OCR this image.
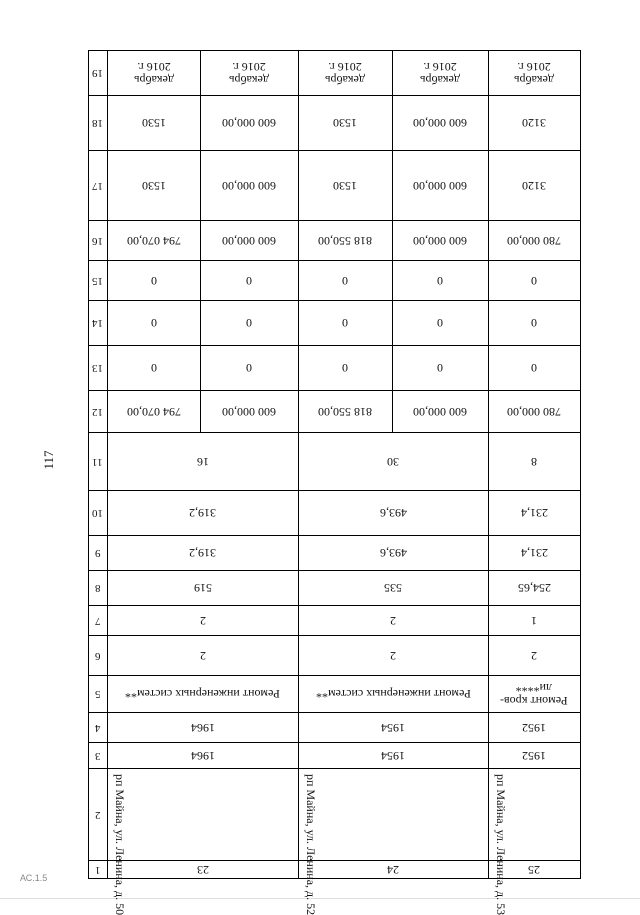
117
АС.1.5
1
2
3
4
5
6
7
8
9
10
11
12
13
14
15
16
17
18
19
23
рп Майна, ул. Ленина, д. 50
1964
1964
Ремонт инженерных систем**
2
2
519
319,2
319,2
16
794 070,00
0
0
0
794 070,00
1530
1530
декабрь
2016 г.
600 000,00
0
0
0
600 000,00
600 000,00
600 000,00
декабрь
2016 г.
24
рп Майна, ул. Ленина, д. 52
1954
1954
Ремонт инженерных систем**
2
2
535
493,6
493,6
30
818 550,00
0
0
0
818 550,00
1530
1530
декабрь
2016 г.
600 000,00
0
0
0
600 000,00
600 000,00
600 000,00
декабрь
2016 г.
25
рп Майна, ул. Ленина, д. 53
1952
1952
Ремонт кров-
ли****
2
1
254,65
231,4
231,4
8
780 000,00
0
0
0
780 000,00
3120
3120
декабрь
2016 г.
